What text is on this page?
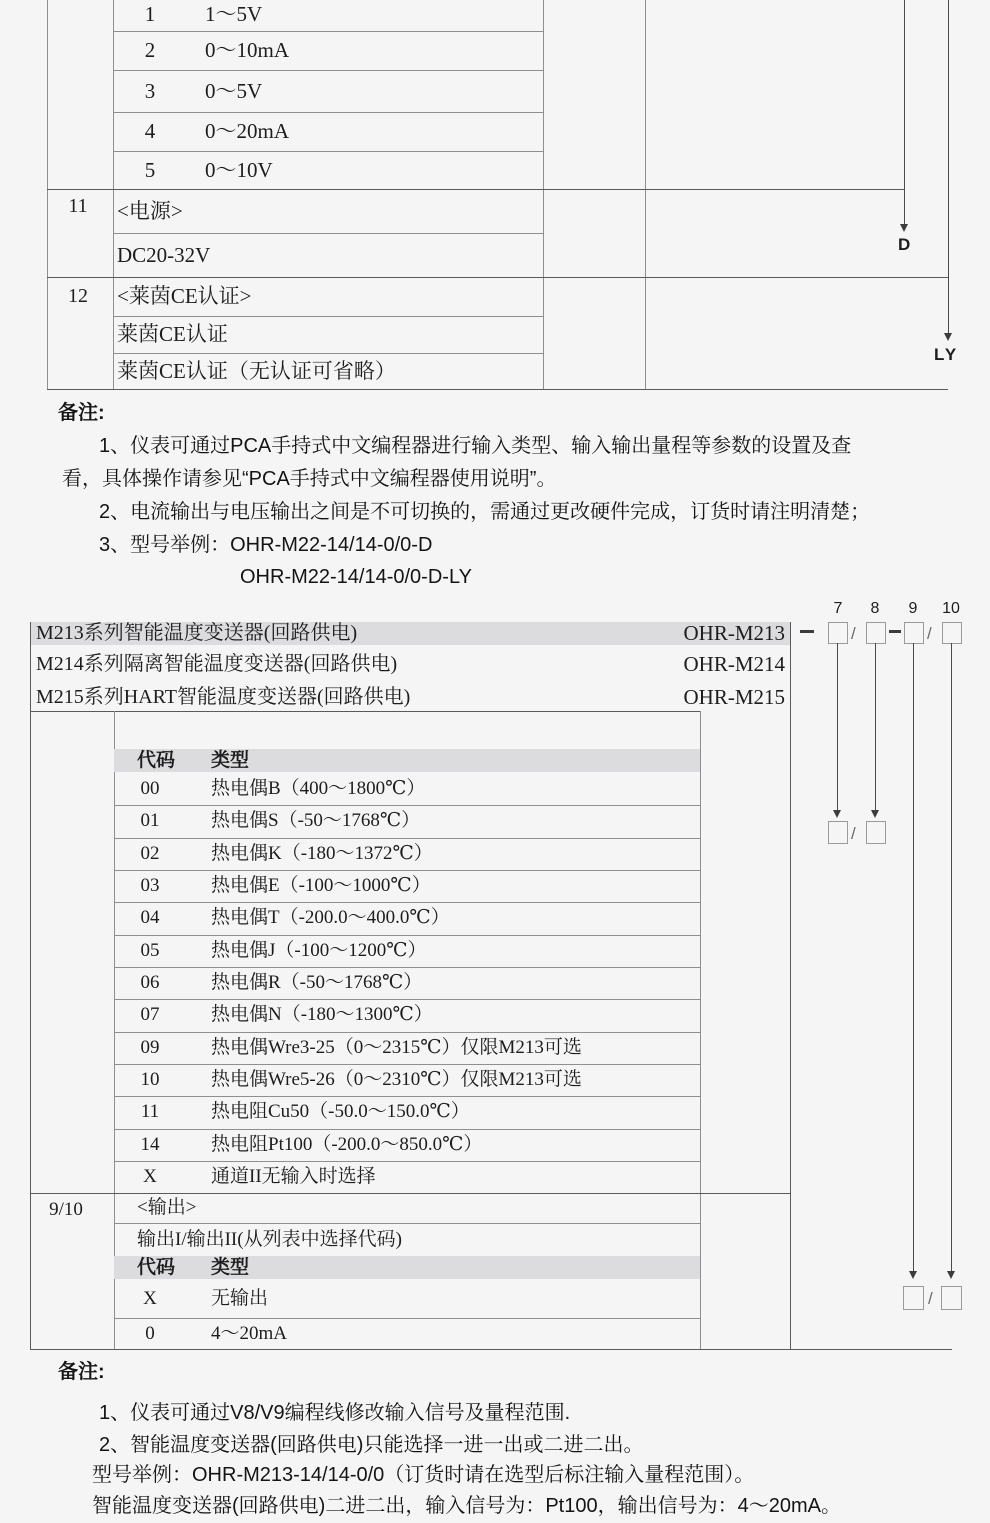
1	1～5V
2	0～10mA
3	0～5V
4	0～20mA
5	0～10V
11	<电源>
DC20-32V
12	<莱茵CE认证>
莱茵CE认证
莱茵CE认证（无认证可省略）
D
LY
备注:
1、仪表可通过PCA手持式中文编程器进行输入类型、输入输出量程等参数的设置及查
看，具体操作请参见“PCA手持式中文编程器使用说明”。
2、电流输出与电压输出之间是不可切换的，需通过更改硬件完成，订货时请注明清楚；
3、型号举例：OHR-M22-14/14-0/0-D
OHR-M22-14/14-0/0-D-LY
M213系列智能温度变送器(回路供电)	OHR-M213
M214系列隔离智能温度变送器(回路供电)	OHR-M214
M215系列HART智能温度变送器(回路供电)	OHR-M215
代码 类型
00	热电偶B（400～1800℃）
01	热电偶S（-50～1768℃）
02	热电偶K（-180～1372℃）
03	热电偶E（-100～1000℃）
04	热电偶T（-200.0～400.0℃）
05	热电偶J（-100～1200℃）
06	热电偶R（-50～1768℃）
07	热电偶N（-180～1300℃）
09	热电偶Wre3-25（0～2315℃）仅限M213可选
10	热电偶Wre5-26（0～2310℃）仅限M213可选
11	热电阻Cu50（-50.0～150.0℃）
14	热电阻Pt100（-200.0～850.0℃）
X	通道II无输入时选择
9/10	<输出>
输出I/输出II(从列表中选择代码)
代码 类型
X	无输出
0	4～20mA
7 8 9 10
/	/
/
/
备注:
1、仪表可通过V8/V9编程线修改输入信号及量程范围.
2、智能温度变送器(回路供电)只能选择一进一出或二进二出。
型号举例：OHR-M213-14/14-0/0（订货时请在选型后标注输入量程范围）。
智能温度变送器(回路供电)二进二出，输入信号为：Pt100，输出信号为：4～20mA。
